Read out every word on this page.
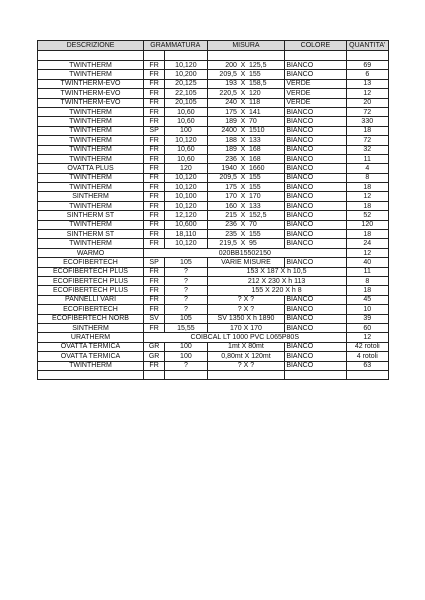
DESCRIZIONE	GRAMMATURA		MISURA	COLORE	QUANTITA'

TWINTHERM	FR	10,120	200 X 125,5	BIANCO	69
TWINTHERM	FR	10,200	209,5 X 155	BIANCO	6
TWINTHERM-EVO	FR	20,125	193 X 158,5	VERDE	13
TWINTHERM-EVO	FR	22,105	220,5 X 120	VERDE	12
TWINTHERM-EVO	FR	20,105	240 X 118	VERDE	20
TWINTHERM	FR	10,60	175 X 141	BIANCO	72
TWINTHERM	FR	10,60	189 X 70	BIANCO	330
TWINTHERM	SP	100	2400 X 1510	BIANCO	18
TWINTHERM	FR	10,120	188 X 133	BIANCO	72
TWINTHERM	FR	10,60	189 X 168	BIANCO	32
TWINTHERM	FR	10,60	236 X 168	BIANCO	11
OVATTA PLUS	FR	120	1940 X 1660	BIANCO	4
TWINTHERM	FR	10,120	209,5 X 155	BIANCO	8
TWINTHERM	FR	10,120	175 X 155	BIANCO	18
SINTHERM	FR	10,100	170 X 170	BIANCO	12
TWINTHERM	FR	10,120	160 X 133	BIANCO	18
SINTHERM ST	FR	12,120	215 X 152,5	BIANCO	52
TWINTHERM	FR	10,600	236 X 70	BIANCO	120
SINTHERM ST	FR	18,110	235 X 155	BIANCO	18
TWINTHERM	FR	10,120	219,5 X 95	BIANCO	24
WARMO	020BB15502150				12
ECOFIBERTECH	SP	105	VARIE MISURE	BIANCO	40
ECOFIBERTECH PLUS	FR	?	153 X 187 X h 10,5		11
ECOFIBERTECH PLUS	FR	?	212 X 230 X h 113		8
ECOFIBERTECH PLUS	FR	?	155 X 220 X h 8		18
PANNELLI VARI	FR	?	? X ?	BIANCO	45
ECOFIBERTECH	FR	?	? X ?	BIANCO	10
ECOFIBERTECH NORB	SV	105	SV 1350 X h 1890	BIANCO	39
SINTHERM	FR	15,55	170 X 170	BIANCO	60
URATHERM	COIBCAL LT 1000 PVC L065P80S				12
OVATTA TERMICA	GR	100	1mt X 80mt	BIANCO	42 rotoli
OVATTA TERMICA	GR	100	0,80mt X 120mt	BIANCO	4 rotoli
TWINTHERM	FR	?	? X ?	BIANCO	63
